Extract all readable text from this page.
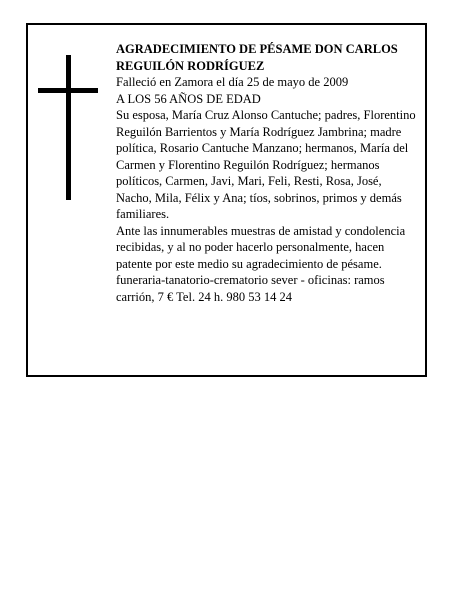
AGRADECIMIENTO DE PÉSAME DON CARLOS REGUILÓN RODRÍGUEZ

Falleció en Zamora el día 25 de mayo de 2009

A LOS 56 AÑOS DE EDAD

Su esposa, María Cruz Alonso Cantuche; padres, Florentino Reguilón Barrientos y María Rodríguez Jambrina; madre política, Rosario Cantuche Manzano; hermanos, María del Carmen y Florentino Reguilón Rodríguez; hermanos políticos, Carmen, Javi, Mari, Feli, Resti, Rosa, José, Nacho, Mila, Félix y Ana; tíos, sobrinos, primos y demás familiares.

Ante las innumerables muestras de amistad y condolencia recibidas, y al no poder hacerlo personalmente, hacen patente por este medio su agradecimiento de pésame.

funeraria-tanatorio-crematorio sever - oficinas: ramos carrión, 7 € Tel. 24 h. 980 53 14 24
